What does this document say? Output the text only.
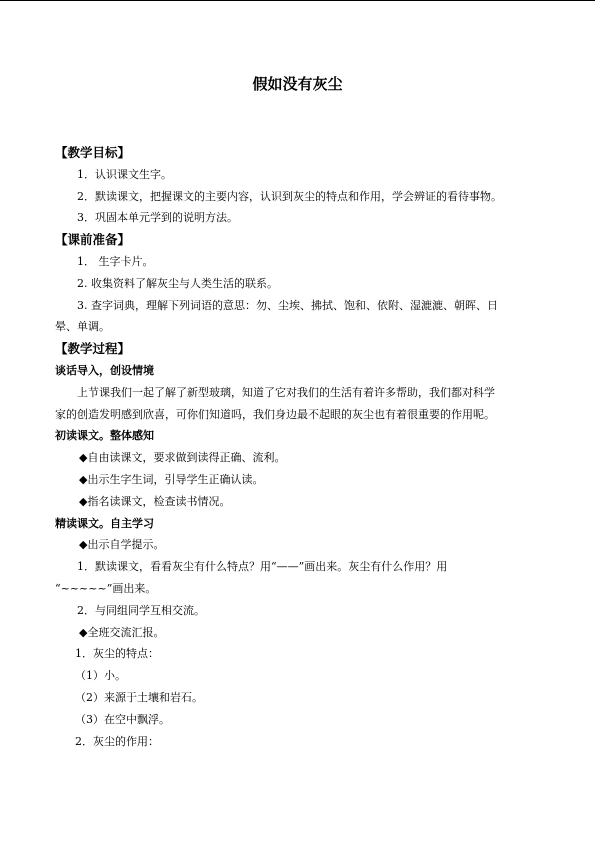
假如没有灰尘
【教学目标】
1．认识课文生字。
2．默读课文，把握课文的主要内容，认识到灰尘的特点和作用，学会辨证的看待事物。
3．巩固本单元学到的说明方法。
【课前准备】
1． 生字卡片。
2. 收集资料了解灰尘与人类生活的联系。
3. 查字词典，理解下列词语的意思：勿、尘埃、拂拭、饱和、依附、湿漉漉、朝晖、日
晕、单调。
【教学过程】
谈话导入，创设情境
上节课我们一起了解了新型玻璃，知道了它对我们的生活有着许多帮助，我们都对科学
家的创造发明感到欣喜，可你们知道吗，我们身边最不起眼的灰尘也有着很重要的作用呢。
初读课文。整体感知
◆自由读课文，要求做到读得正确、流利。
◆出示生字生词，引导学生正确认读。
◆指名读课文，检查读书情况。
精读课文。自主学习
◆出示自学提示。
1．默读课文，看看灰尘有什么特点？用“——”画出来。灰尘有什么作用？用
“~~~~~”画出来。
2．与同组同学互相交流。
◆全班交流汇报。
1．灰尘的特点：
（1）小。
（2）来源于土壤和岩石。
（3）在空中飘浮。
2．灰尘的作用：
